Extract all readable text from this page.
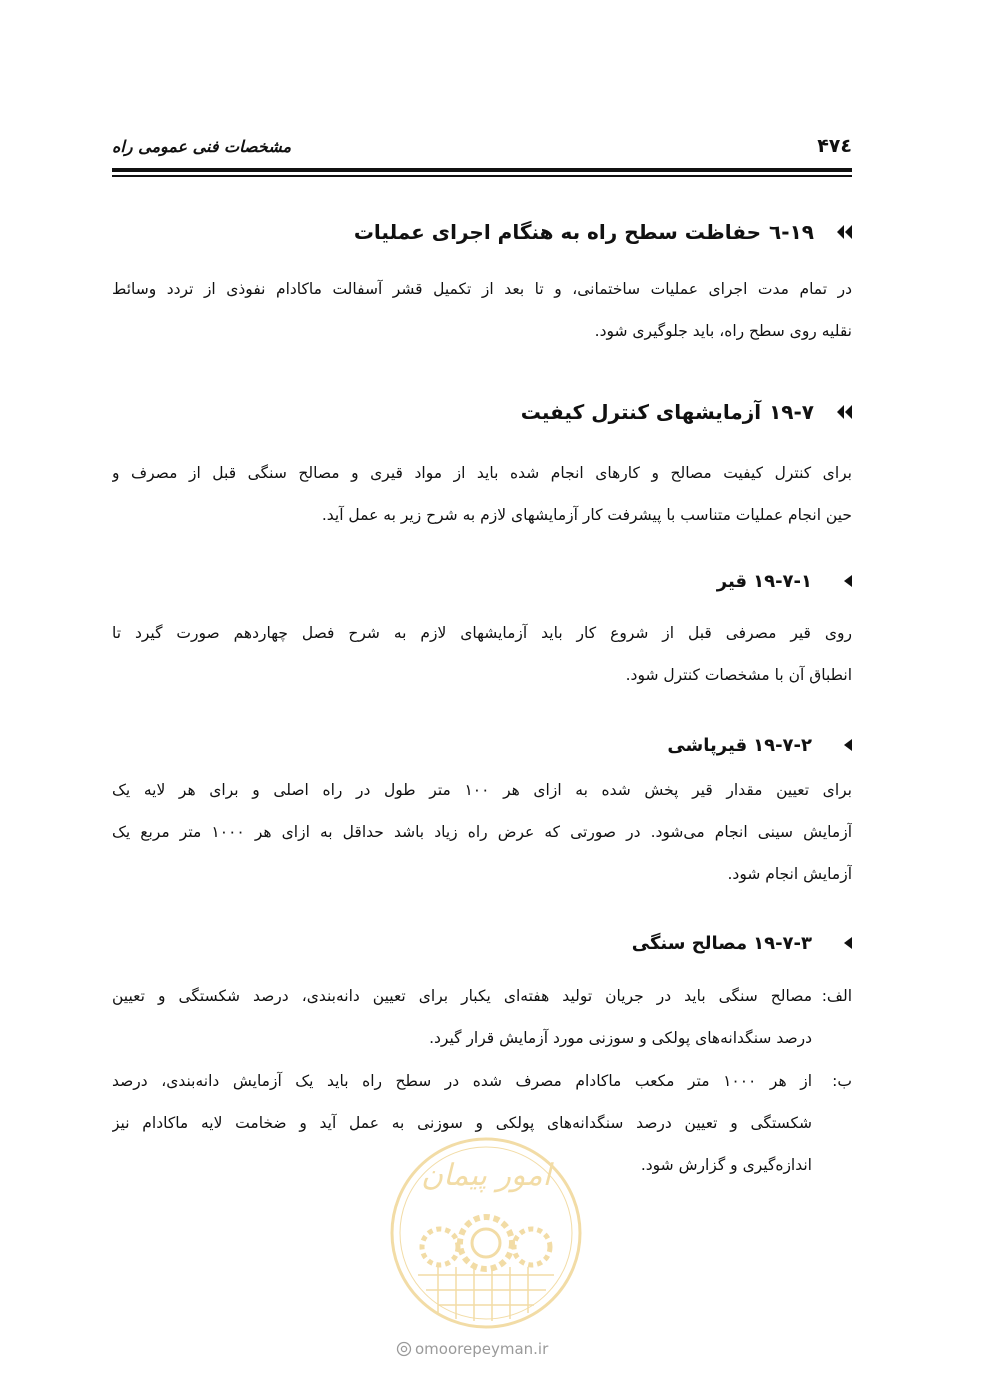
۴۷٤
مشخصات فنی عمومی راه
۱۹-٦
حفاظت سطح راه به هنگام اجرای عملیات
در تمام مدت اجرای عملیات ساختمانی، و تا بعد از تکمیل قشر آسفالت ماکادام نفوذی از تردد وسائط
نقلیه روی سطح راه، باید جلوگیری شود.
۱۹-۷
آزمایشهای کنترل کیفیت
برای کنترل کیفیت مصالح و کارهای انجام شده باید از مواد قیری و مصالح سنگی قبل از مصرف و
حین انجام عملیات متناسب با پیشرفت کار آزمایشهای لازم به شرح زیر به عمل آید.
۱۹-۷-۱
قیر
روی قیر مصرفی قبل از شروع کار باید آزمایشهای لازم به شرح فصل چهاردهم صورت گیرد تا
انطباق آن با مشخصات کنترل شود.
۱۹-۷-۲
قیرپاشی
برای تعیین مقدار قیر پخش شده به ازای هر ۱۰۰ متر طول در راه اصلی و برای هر لایه یک
آزمایش سینی انجام می‌شود. در صورتی که عرض راه زیاد باشد حداقل به ازای هر ۱۰۰۰ متر مربع یک
آزمایش انجام شود.
۱۹-۷-۳
مصالح سنگی
الف:
مصالح سنگی باید در جریان تولید هفته‌ای یکبار برای تعیین دانه‌بندی، درصد شکستگی و تعیین
درصد سنگدانه‌های پولکی و سوزنی مورد آزمایش قرار گیرد.
ب:
از هر ۱۰۰۰ متر مکعب ماکادام مصرف شده در سطح راه باید یک آزمایش دانه‌بندی، درصد
شکستگی و تعیین درصد سنگدانه‌های پولکی و سوزنی به عمل آید و ضخامت لایه ماکادام نیز
اندازه‌گیری و گزارش شود.
امور پیمان
omoorepeyman.ir
